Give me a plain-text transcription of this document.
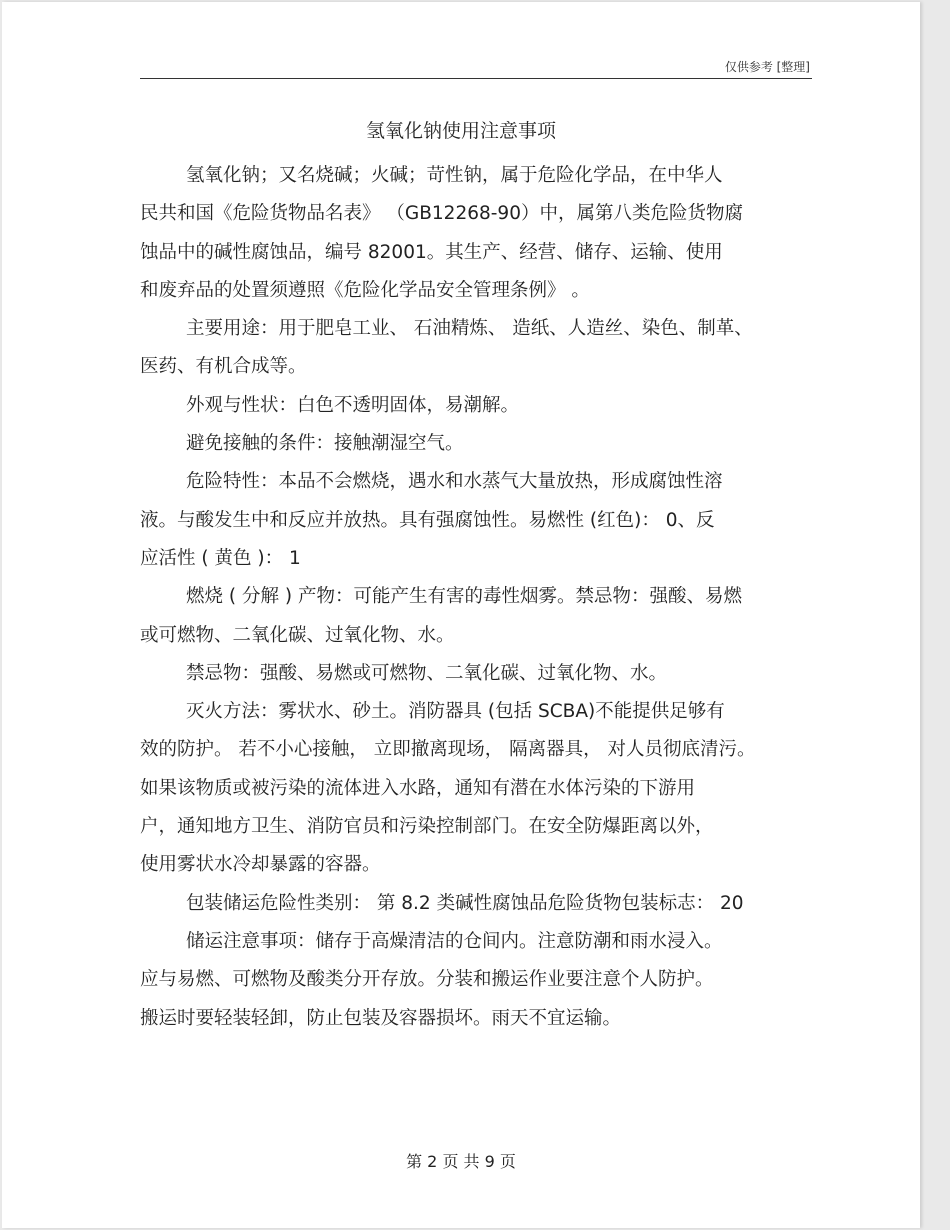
仅供参考 [整理]
氢氧化钠使用注意事项
氢氧化钠；又名烧碱；火碱；苛性钠，属于危险化学品，在中华人
民共和国《危险货物品名表》 （GB12268-90）中，属第八类危险货物腐
蚀品中的碱性腐蚀品，编号 82001。其生产、经营、储存、运输、使用
和废弃品的处置须遵照《危险化学品安全管理条例》 。
主要用途：用于肥皂工业、 石油精炼、 造纸、人造丝、染色、制革、
医药、有机合成等。
外观与性状：白色不透明固体，易潮解。
避免接触的条件：接触潮湿空气。
危险特性：本品不会燃烧，遇水和水蒸气大量放热，形成腐蚀性溶
液。与酸发生中和反应并放热。具有强腐蚀性。易燃性 (红色)： 0、反
应活性 ( 黄色 )： 1
燃烧 ( 分解 ) 产物：可能产生有害的毒性烟雾。禁忌物：强酸、易燃
或可燃物、二氧化碳、过氧化物、水。
禁忌物：强酸、易燃或可燃物、二氧化碳、过氧化物、水。
灭火方法：雾状水、砂土。消防器具 (包括 SCBA)不能提供足够有
效的防护。 若不小心接触， 立即撤离现场， 隔离器具， 对人员彻底清污。
如果该物质或被污染的流体进入水路，通知有潜在水体污染的下游用
户，通知地方卫生、消防官员和污染控制部门。在安全防爆距离以外，
使用雾状水冷却暴露的容器。
包装储运危险性类别： 第 8.2 类碱性腐蚀品危险货物包装标志： 20
储运注意事项：储存于高燥清洁的仓间内。注意防潮和雨水浸入。
应与易燃、可燃物及酸类分开存放。分装和搬运作业要注意个人防护。
搬运时要轻装轻卸，防止包装及容器损坏。雨天不宜运输。
第 2 页 共 9 页
